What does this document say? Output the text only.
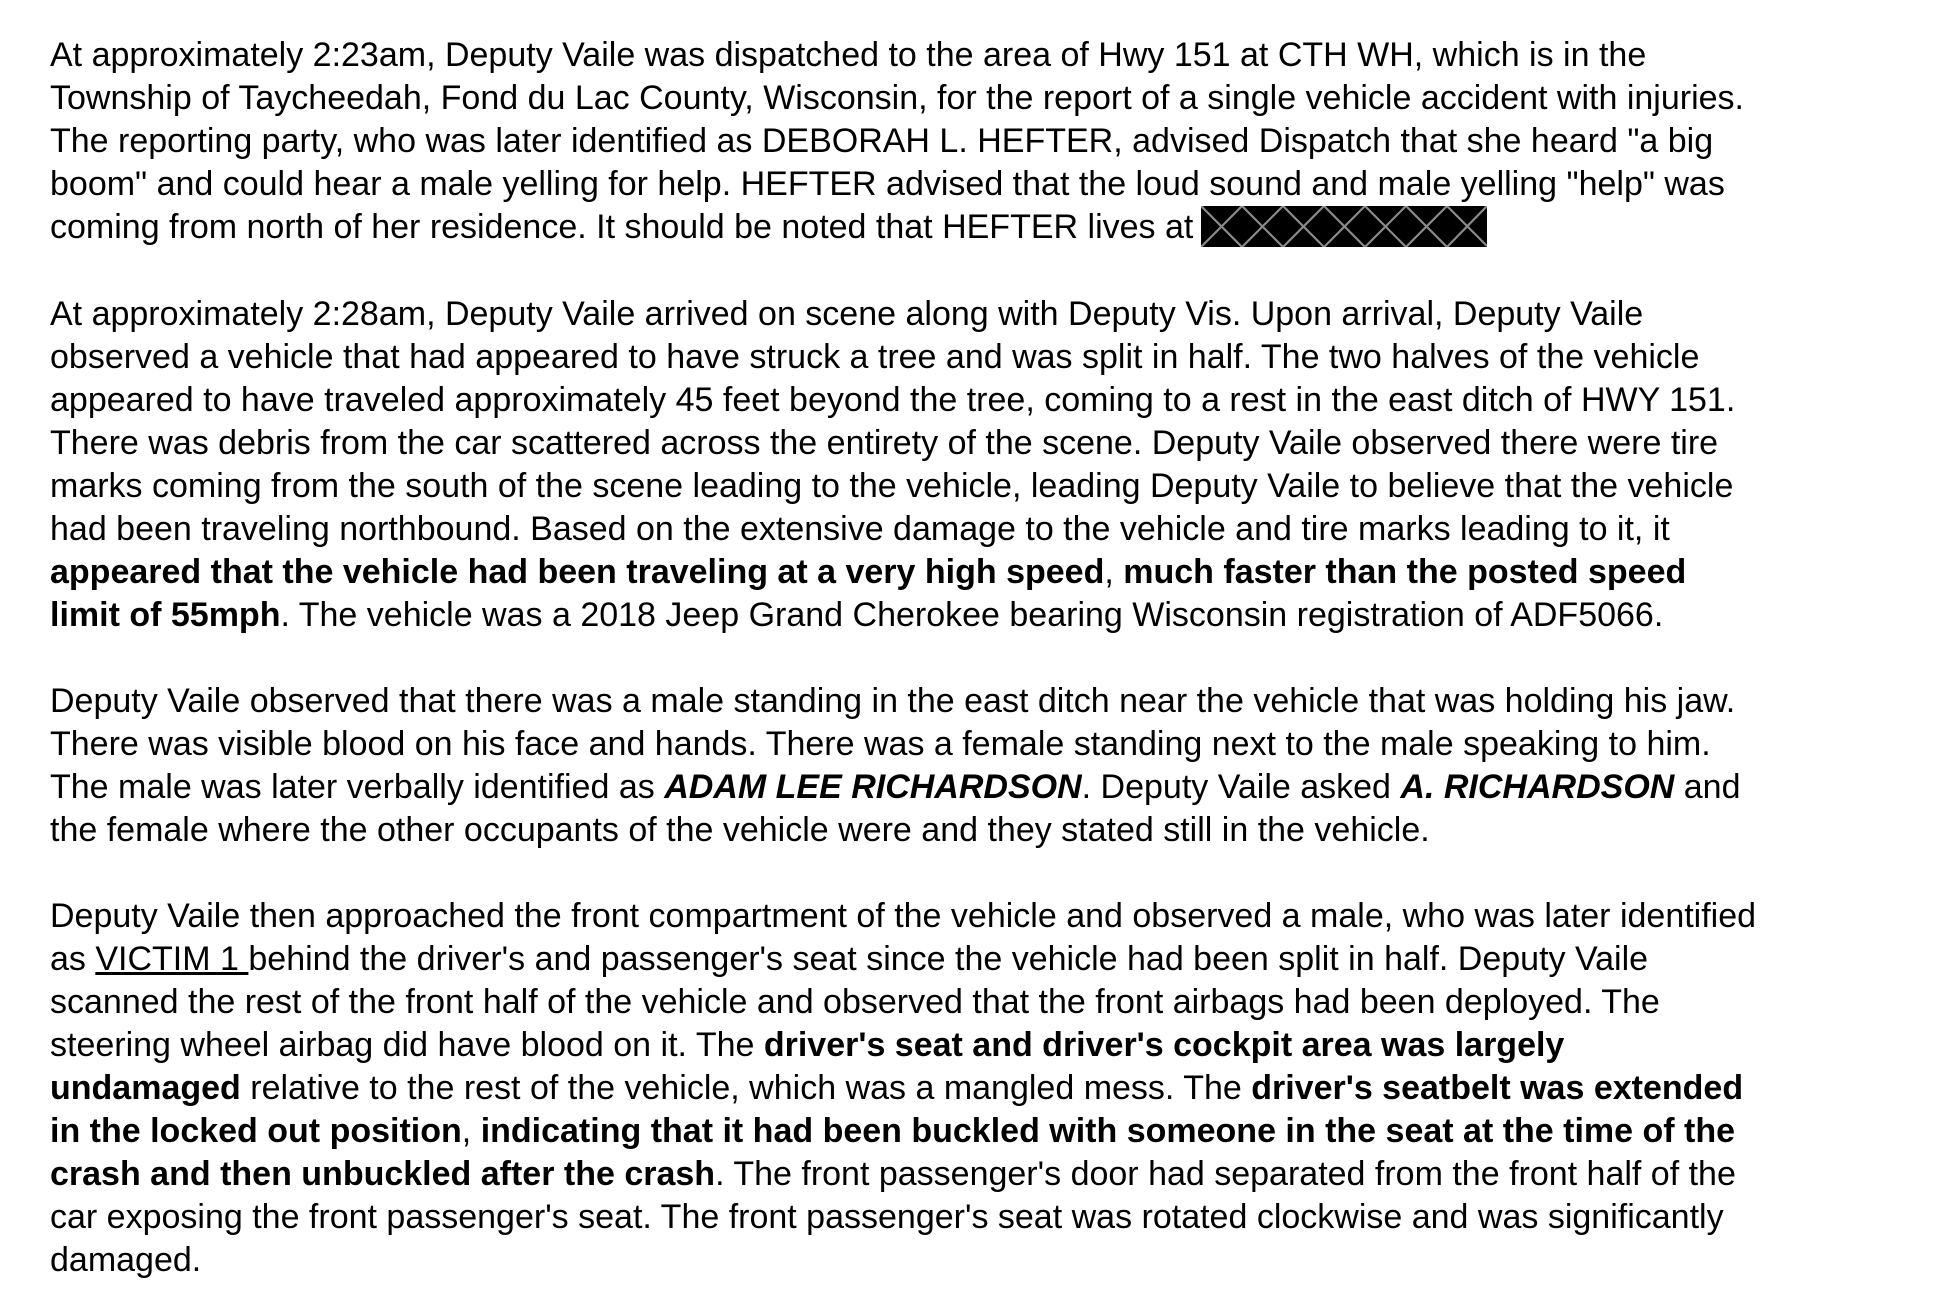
At approximately 2:23am, Deputy Vaile was dispatched to the area of Hwy 151 at CTH WH, which is in the
Township of Taycheedah, Fond du Lac County, Wisconsin, for the report of a single vehicle accident with injuries.
The reporting party, who was later identified as DEBORAH L. HEFTER, advised Dispatch that she heard "a big
boom" and could hear a male yelling for help. HEFTER advised that the loud sound and male yelling "help" was
coming from north of her residence. It should be noted that HEFTER lives at

At approximately 2:28am, Deputy Vaile arrived on scene along with Deputy Vis. Upon arrival, Deputy Vaile
observed a vehicle that had appeared to have struck a tree and was split in half. The two halves of the vehicle
appeared to have traveled approximately 45 feet beyond the tree, coming to a rest in the east ditch of HWY 151.
There was debris from the car scattered across the entirety of the scene. Deputy Vaile observed there were tire
marks coming from the south of the scene leading to the vehicle, leading Deputy Vaile to believe that the vehicle
had been traveling northbound. Based on the extensive damage to the vehicle and tire marks leading to it, it
appeared that the vehicle had been traveling at a very high speed, much faster than the posted speed
limit of 55mph. The vehicle was a 2018 Jeep Grand Cherokee bearing Wisconsin registration of ADF5066.

Deputy Vaile observed that there was a male standing in the east ditch near the vehicle that was holding his jaw.
There was visible blood on his face and hands. There was a female standing next to the male speaking to him.
The male was later verbally identified as ADAM LEE RICHARDSON. Deputy Vaile asked A. RICHARDSON and
the female where the other occupants of the vehicle were and they stated still in the vehicle.

Deputy Vaile then approached the front compartment of the vehicle and observed a male, who was later identified
as VICTIM 1 behind the driver's and passenger's seat since the vehicle had been split in half. Deputy Vaile
scanned the rest of the front half of the vehicle and observed that the front airbags had been deployed. The
steering wheel airbag did have blood on it. The driver's seat and driver's cockpit area was largely
undamaged relative to the rest of the vehicle, which was a mangled mess. The driver's seatbelt was extended
in the locked out position, indicating that it had been buckled with someone in the seat at the time of the
crash and then unbuckled after the crash. The front passenger's door had separated from the front half of the
car exposing the front passenger's seat. The front passenger's seat was rotated clockwise and was significantly
damaged.
